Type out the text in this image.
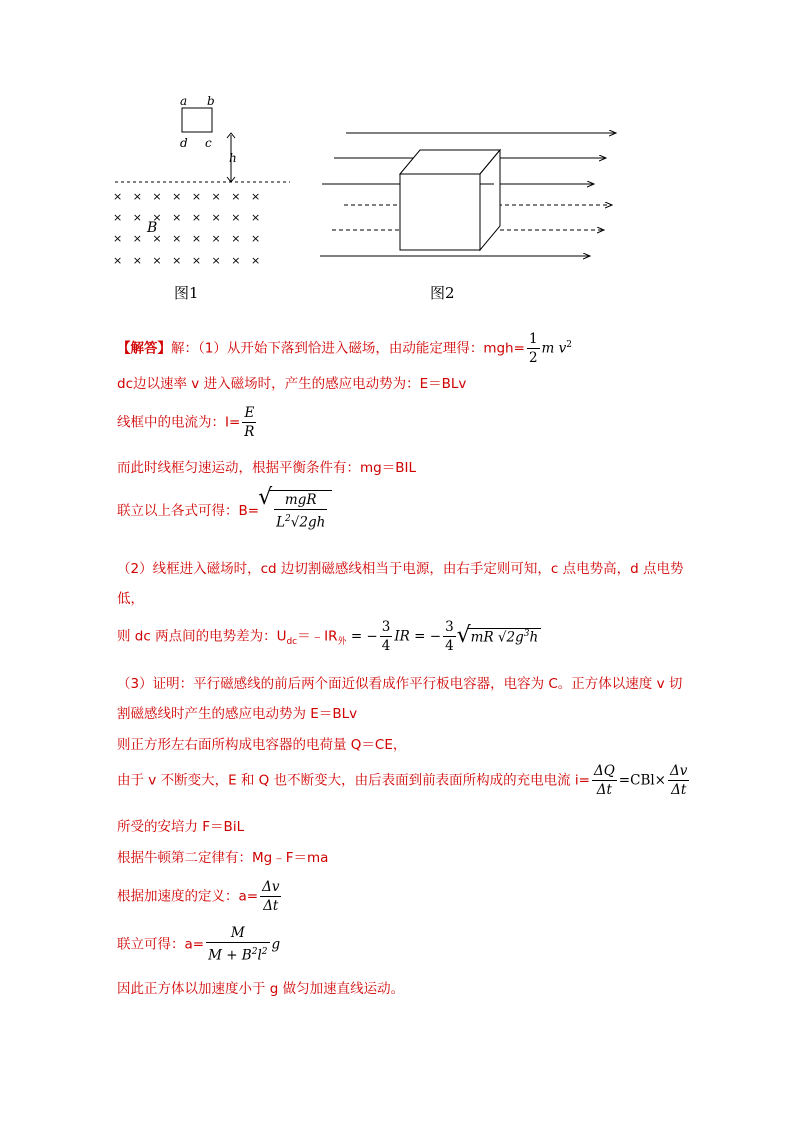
×   ×   ×   ×   ×   ×   ×   ×
×   ×   ×   ×   ×   ×   ×   ×
×   ×   ×   ×   ×   ×   ×   ×
×   ×   ×   ×   ×   ×   ×   ×
a b
d c
h
B
图1	图2
【解答】解：（1）从开始下落到恰进入磁场，由动能定理得：$mgh= \frac{1}{2}$ m $v^2$
dc边以速率 v 进入磁场时，产生的感应电动势为：E＝BLv
线框中的电流为：$I= \frac{E}{R}$
而此时线框匀速运动，根据平衡条件有：mg＝BIL
联立以上各式可得：B= √ $\frac{\text{mgR}}{L^2√2gh}$
（2）线框进入磁场时，cd 边切割磁感线相当于电源，由右手定则可知，c 点电势高，d 点电势
低，
则 dc 两点间的电势差为：$U_{dc}=﹣IR_外$ = − $\frac{3}{4}$ IR = − $\frac{3}{4}$ √ mR $√2g^3h$
（3）证明：平行磁感线的前后两个面近似看成作平行板电容器，电容为 C。正方体以速度 v 切
割磁感线时产生的感应电动势为 E＝BLv
则正方形左右面所构成电容器的电荷量 Q＝CE，
由于 v 不断变大，E 和 Q 也不断变大，由后表面到前表面所构成的充电电流 $i= \frac{\Delta Q}{\Delta t} =CBl\times \frac{\Delta v}{\Delta t}$
所受的安培力 F＝BiL
根据牛顿第二定律有：Mg﹣F＝ma
根据加速度的定义：$a= \frac{\Delta v}{\Delta t}$
联立可得：$a= \frac{M}{M + B^2l^2}$ g
因此正方体以加速度小于 g 做匀加速直线运动。
